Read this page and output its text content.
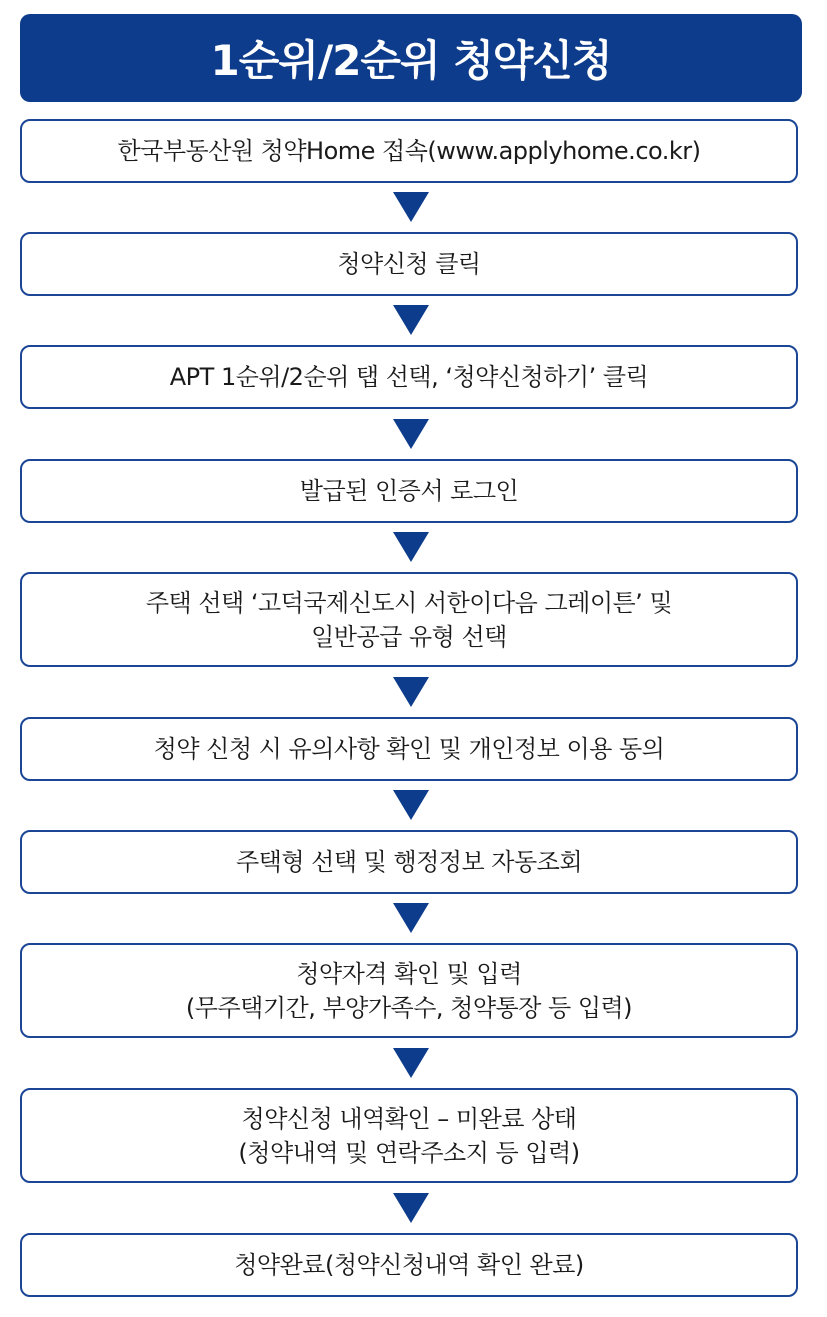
1순위/2순위 청약신청
한국부동산원 청약Home 접속(www.applyhome.co.kr)
청약신청 클릭
APT 1순위/2순위 탭 선택, ‘청약신청하기’ 클릭
발급된 인증서 로그인
주택 선택 ‘고덕국제신도시 서한이다음 그레이튼’ 및
일반공급 유형 선택
청약 신청 시 유의사항 확인 및 개인정보 이용 동의
주택형 선택 및 행정정보 자동조회
청약자격 확인 및 입력
(무주택기간, 부양가족수, 청약통장 등 입력)
청약신청 내역확인 – 미완료 상태
(청약내역 및 연락주소지 등 입력)
청약완료(청약신청내역 확인 완료)
